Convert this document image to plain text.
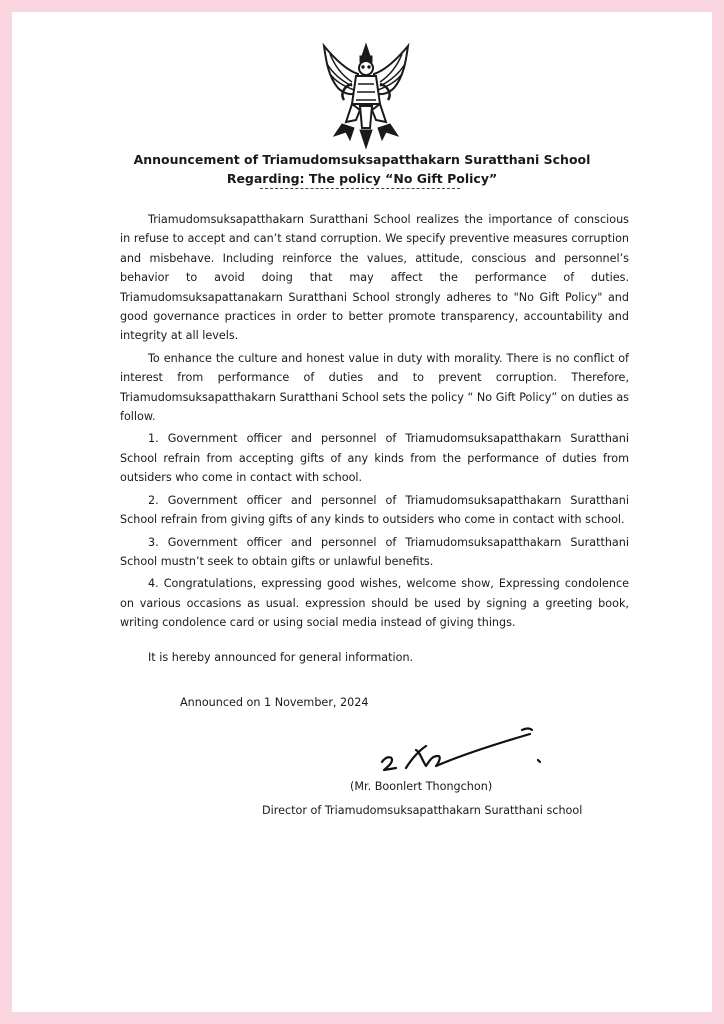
Announcement of Triamudomsuksapatthakarn Suratthani School
Regarding: The policy “No Gift Policy”

Triamudomsuksapatthakarn Suratthani School realizes the importance of conscious in refuse to accept and can’t stand corruption. We specify preventive measures corruption and misbehave. Including reinforce the values, attitude, conscious and personnel’s behavior to avoid doing that may affect the performance of duties. Triamudomsuksapattanakarn Suratthani School strongly adheres to "No Gift Policy" and good governance practices in order to better promote transparency, accountability and integrity at all levels.

To enhance the culture and honest value in duty with morality. There is no conflict of interest from performance of duties and to prevent corruption. Therefore, Triamudomsuksapatthakarn Suratthani School sets the policy “ No Gift Policy” on duties as follow.

1. Government officer and personnel of Triamudomsuksapatthakarn Suratthani School refrain from accepting gifts of any kinds from the performance of duties from outsiders who come in contact with school.

2. Government officer and personnel of Triamudomsuksapatthakarn Suratthani School refrain from giving gifts of any kinds to outsiders who come in contact with school.

3. Government officer and personnel of Triamudomsuksapatthakarn Suratthani School mustn’t seek to obtain gifts or unlawful benefits.

4. Congratulations, expressing good wishes, welcome show, Expressing condolence on various occasions as usual. expression should be used by signing a greeting book, writing condolence card or using social media instead of giving things.

It is hereby announced for general information.

Announced on 1 November, 2024
(Mr. Boonlert Thongchon)
Director of Triamudomsuksapatthakarn Suratthani school
